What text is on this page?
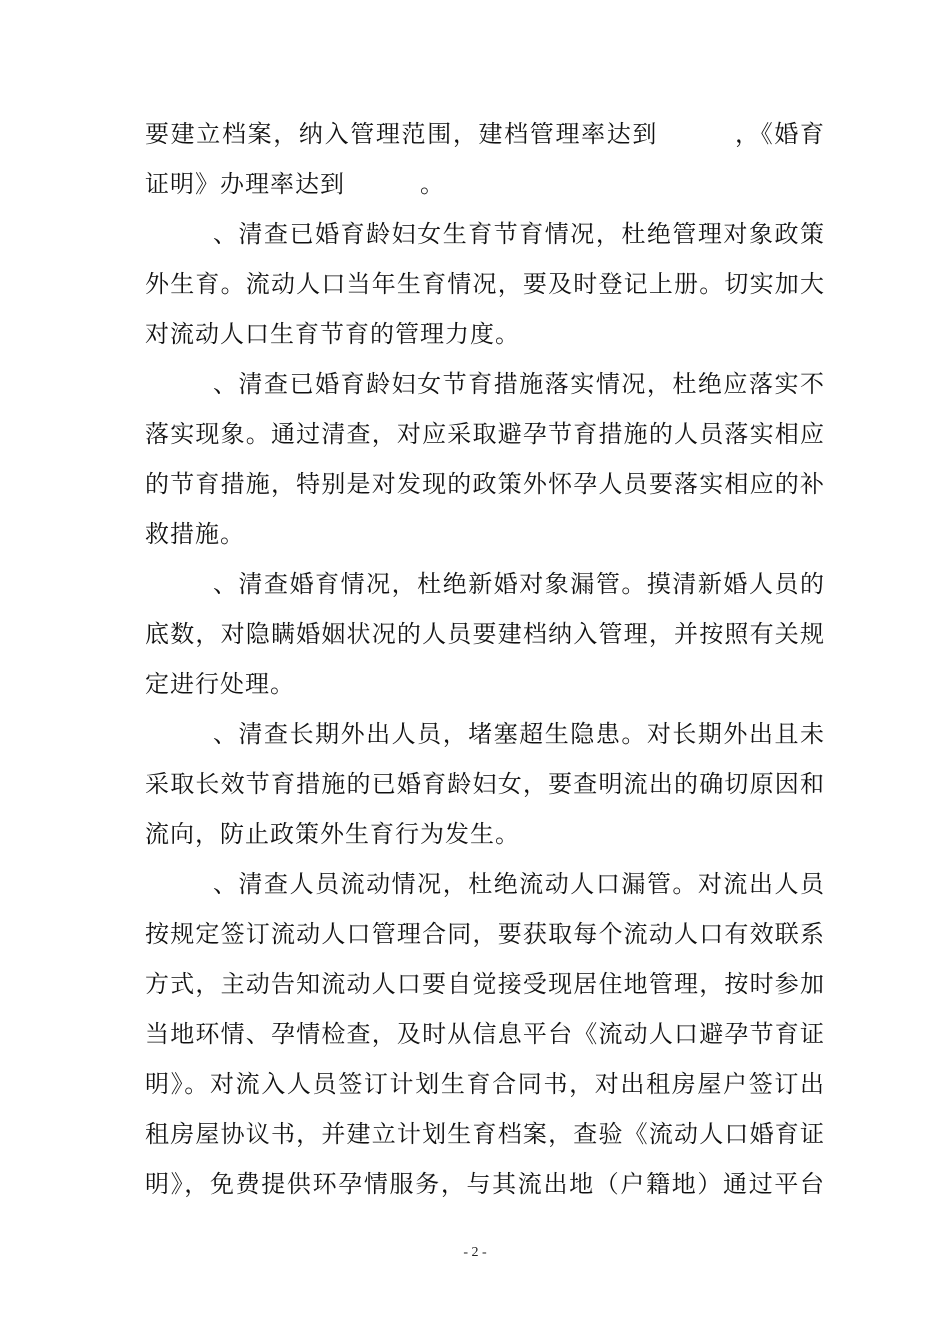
要建立档案，纳入管理范围，建档管理率达到　　　，《婚育
证明》办理率达到　　　。
、清查已婚育龄妇女生育节育情况，杜绝管理对象政策
外生育。流动人口当年生育情况，要及时登记上册。切实加大
对流动人口生育节育的管理力度。
、清查已婚育龄妇女节育措施落实情况，杜绝应落实不
落实现象。通过清查，对应采取避孕节育措施的人员落实相应
的节育措施，特别是对发现的政策外怀孕人员要落实相应的补
救措施。
、清查婚育情况，杜绝新婚对象漏管。摸清新婚人员的
底数，对隐瞒婚姻状况的人员要建档纳入管理，并按照有关规
定进行处理。
、清查长期外出人员，堵塞超生隐患。对长期外出且未
采取长效节育措施的已婚育龄妇女，要查明流出的确切原因和
流向，防止政策外生育行为发生。
、清查人员流动情况，杜绝流动人口漏管。对流出人员
按规定签订流动人口管理合同，要获取每个流动人口有效联系
方式，主动告知流动人口要自觉接受现居住地管理，按时参加
当地环情、孕情检查，及时从信息平台《流动人口避孕节育证
明》。对流入人员签订计划生育合同书，对出租房屋户签订出
租房屋协议书，并建立计划生育档案，查验《流动人口婚育证
明》，免费提供环孕情服务，与其流出地（户籍地）通过平台
- 2 -
